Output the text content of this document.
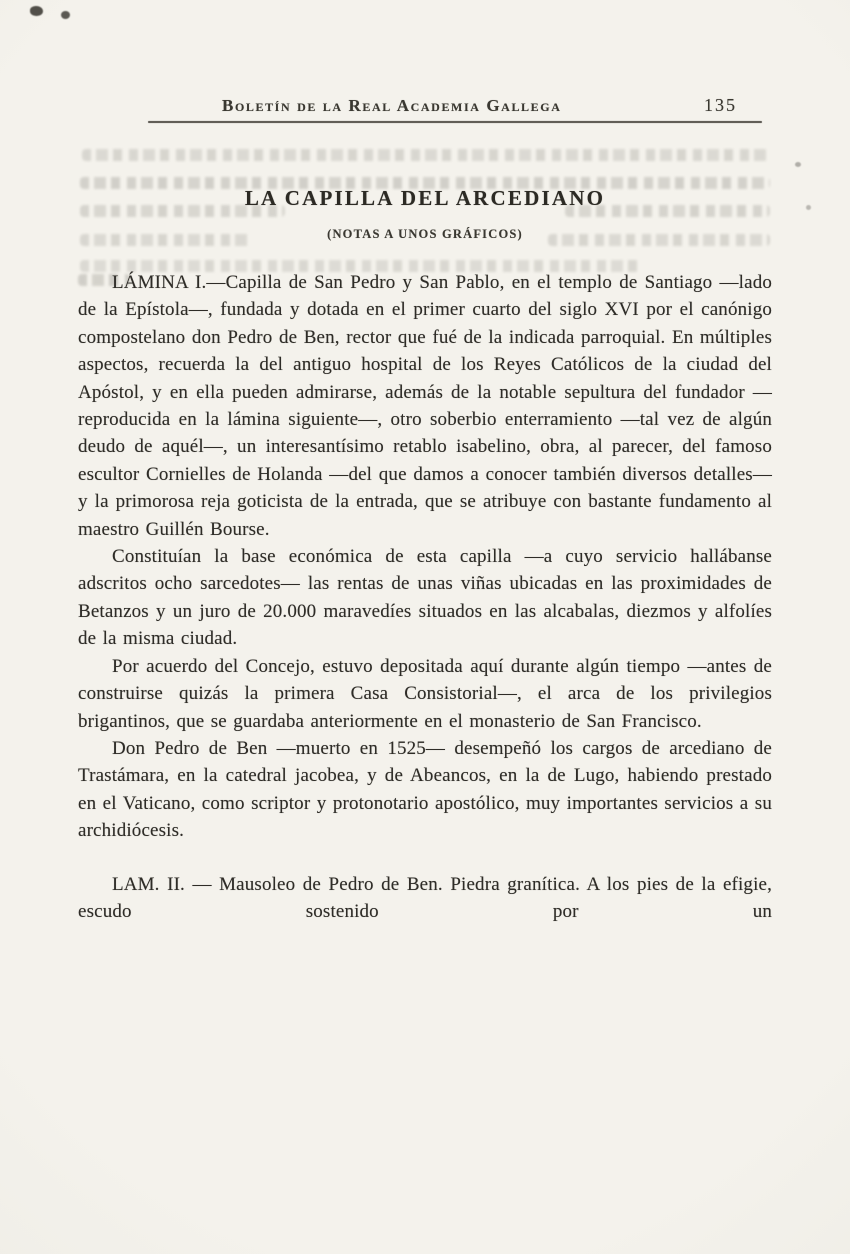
Boletín de la Real Academia Gallega	135
LA CAPILLA DEL ARCEDIANO
(NOTAS A UNOS GRÁFICOS)

LÁMINA I.—Capilla de San Pedro y San Pablo, en el templo de Santiago —lado de la Epístola—, fundada y dotada en el primer cuarto del siglo XVI por el canónigo compostelano don Pedro de Ben, rector que fué de la indicada parroquial. En múltiples aspectos, recuerda la del antiguo hospital de los Reyes Católicos de la ciudad del Apóstol, y en ella pueden admirarse, además de la notable sepultura del fundador —reproducida en la lámina siguiente—, otro soberbio enterramiento —tal vez de algún deudo de aquél—, un interesantísimo retablo isabelino, obra, al parecer, del famoso escultor Cornielles de Holanda —del que damos a conocer también diversos detalles— y la primorosa reja goticista de la entrada, que se atribuye con bastante fundamento al maestro Guillén Bourse.

Constituían la base económica de esta capilla —a cuyo servicio hallábanse adscritos ocho sarcedotes— las rentas de unas viñas ubicadas en las proximidades de Betanzos y un juro de 20.000 maravedíes situados en las alcabalas, diezmos y alfolíes de la misma ciudad.

Por acuerdo del Concejo, estuvo depositada aquí durante algún tiempo —antes de construirse quizás la primera Casa Consistorial—, el arca de los privilegios brigantinos, que se guardaba anteriormente en el monasterio de San Francisco.

Don Pedro de Ben —muerto en 1525— desempeñó los cargos de arcediano de Trastámara, en la catedral jacobea, y de Abeancos, en la de Lugo, habiendo prestado en el Vaticano, como scriptor y protonotario apostólico, muy importantes servicios a su archidiócesis.

LAM. II. — Mausoleo de Pedro de Ben. Piedra granítica. A los pies de la efigie, escudo sostenido por un
